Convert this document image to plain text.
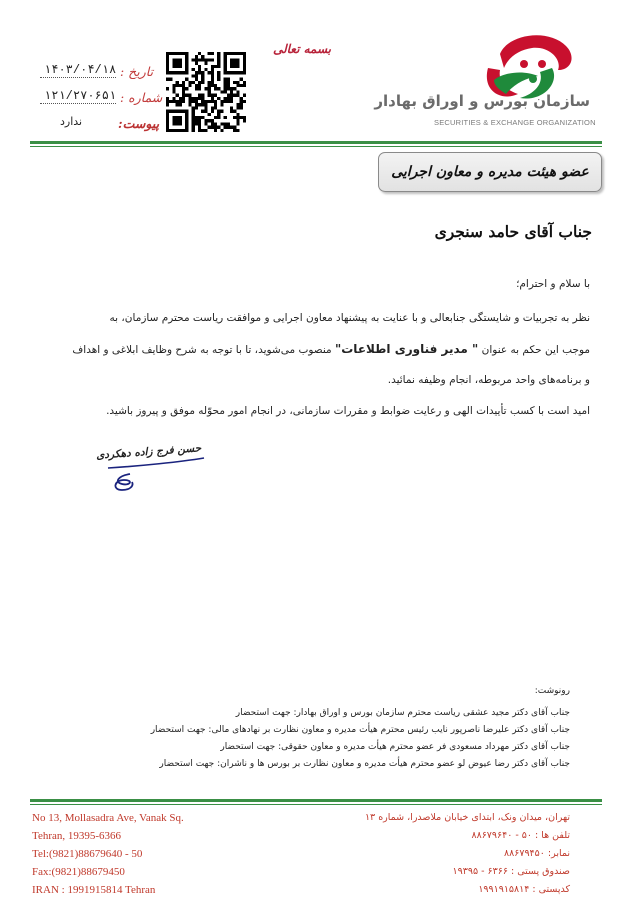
سازمان بورس و اوراق بهادار
SECURITIES & EXCHANGE ORGANIZATION
بسمه تعالی
تاریخ :
۱۴۰۳/۰۴/۱۸
شماره :
۱۲۱/۲۷۰۶۵۱
پیوست:
ندارد
عضو هیئت مدیره و معاون اجرایی
جناب آقای حامد سنجری
با سلام و احترام؛
نظر به تجربیات و شایستگی جنابعالی و با عنایت به پیشنهاد معاون اجرایی و موافقت ریاست محترم سازمان، به
موجب این حکم به عنوان " مدیر فناوری اطلاعات" منصوب می‌شوید، تا با توجه به شرح وظایف ابلاغی و اهداف
و برنامه‌های واحد مربوطه، انجام وظیفه نمائید.
امید است با کسب تأییدات الهی و رعایت ضوابط و مقررات سازمانی، در انجام امور محوّله موفق و پیروز باشید.
حسن فرج زاده دهکردی
رونوشت:
جناب آقای دکتر مجید عشقی ریاست محترم سازمان بورس و اوراق بهادار: جهت استحضار
جناب آقای دکتر علیرضا ناصرپور نایب رئیس محترم هیأت مدیره و معاون نظارت بر نهادهای مالی: جهت استحضار
جناب آقای دکتر مهرداد مسعودی فر عضو محترم هیأت مدیره و معاون حقوقی: جهت استحضار
جناب آقای دکتر رضا عیوض لو عضو محترم هیأت مدیره و معاون نظارت بر بورس ها و ناشران: جهت استحضار
No 13, Mollasadra Ave, Vanak Sq.
Tehran, 19395-6366
Tel:(9821)88679640 - 50
Fax:(9821)88679450
IRAN : 1991915814 Tehran
تهران، میدان ونک، ابتدای خیابان ملاصدرا، شماره ۱۳
تلفن ها : ۵۰ - ۸۸۶۷۹۶۴۰
نمابر: ۸۸۶۷۹۴۵۰
صندوق پستی : ۶۳۶۶ - ۱۹۳۹۵
کدپستی : ۱۹۹۱۹۱۵۸۱۴
